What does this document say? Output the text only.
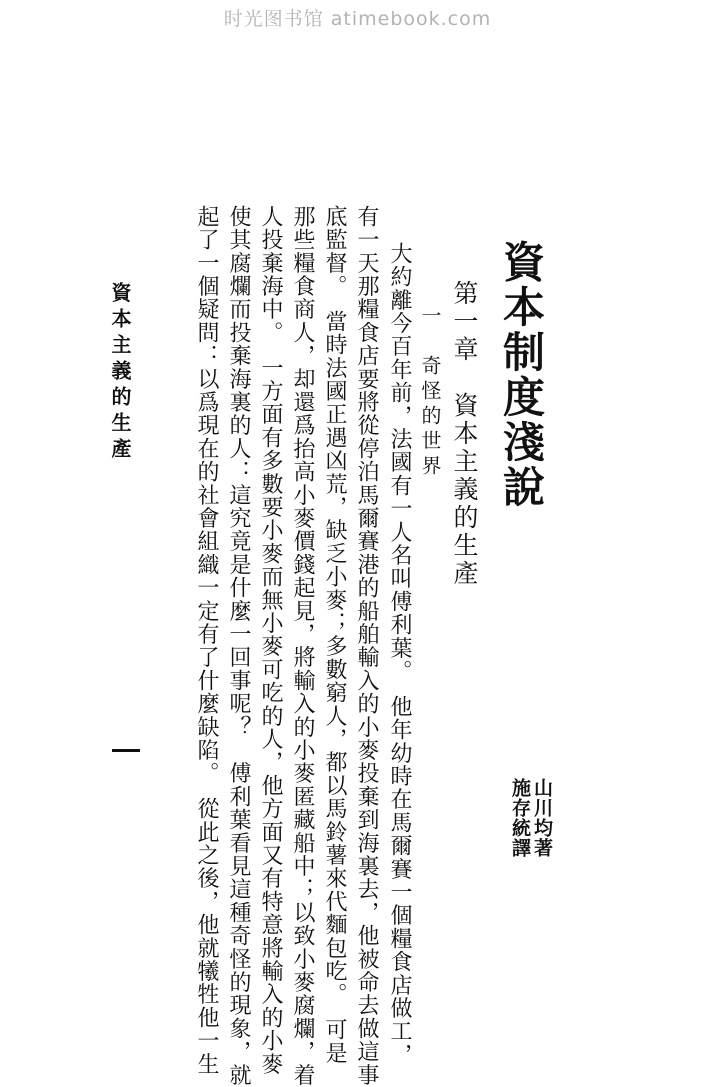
时光图书馆 atimebook.com
資本制度淺說
第一章　資本主義的生產
一　奇怪的世界
山川均著
施存統譯
大約離今百年前，法國有一人名叫傅利葉。　他年幼時在馬爾賽一個糧食店做工，
有一天那糧食店要將從停泊馬爾賽港的船舶輸入的小麥投棄到海裏去，他被命去做這事
底監督。　當時法國正遇凶荒，缺乏小麥；多數窮人，都以馬鈴薯來代麵包吃。　可是
那些糧食商人，却還爲抬高小麥價錢起見，將輸入的小麥匿藏船中；以致小麥腐爛，着
人投棄海中。　一方面有多數要小麥而無小麥可吃的人，他方面又有特意將輸入的小麥
使其腐爛而投棄海裏的人：這究竟是什麼一回事呢？　傅利葉看見這種奇怪的現象，就
起了一個疑問：以爲現在的社會組織一定有了什麼缺陷。　從此之後，他就犧牲他一生
資本主義的生產
